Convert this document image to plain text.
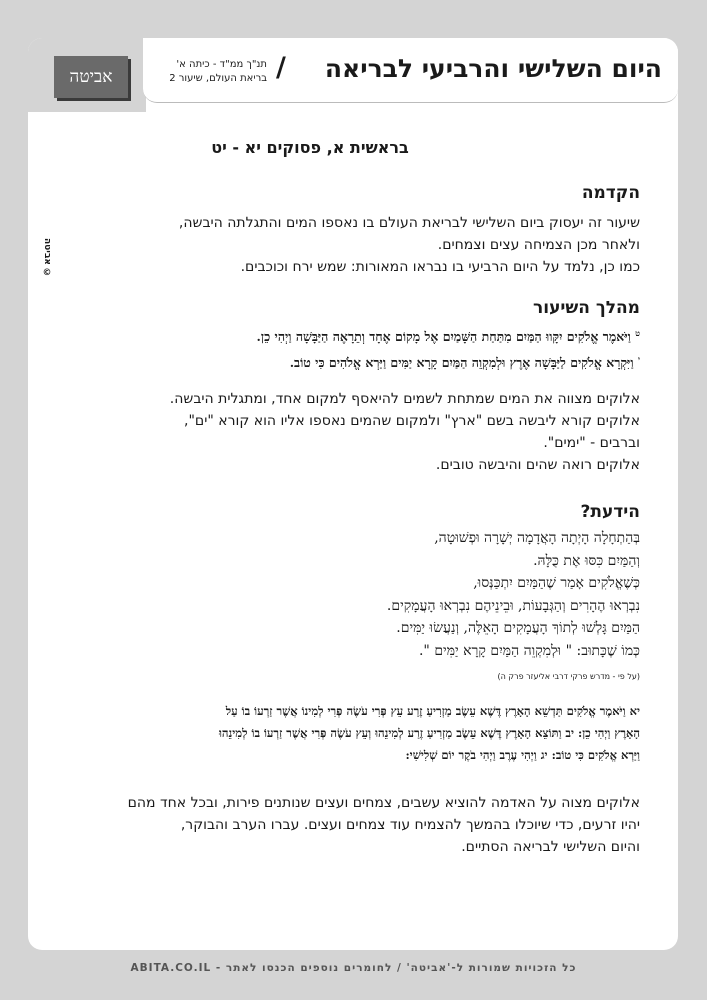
אביטה	היום השלישי והרביעי לבריאה
/
תנ"ך ממ"ד - כיתה א'
בריאת העולם, שיעור 2
אביטה ©
בראשית א, פסוקים יא - יט
הקדמה
שיעור זה יעסוק ביום השלישי לבריאת העולם בו נאספו המים והתגלתה היבשה,
ולאחר מכן הצמיחה עצים וצמחים.
כמו כן, נלמד על היום הרביעי בו נבראו המאורות: שמש ירח וכוכבים.
מהלך השיעור
$^ט$ וַיֹּאמֶר אֱלֹקִים יִקָּווּ הַמַּיִם מִתַּחַת הַשָּׁמַיִם אֶל מָקוֹם אֶחָד וְתֵרָאֶה הַיַּבָּשָׁה וַיְהִי כֵן.
$^י$ וַיִּקְרָא אֱלֹקִים לַיַּבָּשָׁה אֶרֶץ וּלְמִקְוֵה הַמַּיִם קָרָא יַמִּים וַיַּרְא אֱלֹהִים כִּי טוֹב.
אלוקים מצווה את המים שמתחת לשמים להיאסף למקום אחד, ומתגלית היבשה.
אלוקים קורא ליבשה בשם "ארץ" ולמקום שהמים נאספו אליו הוא קורא "ים",
וברבים - "ימים".
אלוקים רואה שהים והיבשה טובים.
הידעת?
בְּהַתְחָלָה הָיְתָה הָאֲדָמָה יְשָׁרָה וּפְשׁוּטָה,
וְהַמַּיִם כִּסּוּ אֶת כֻּלָּהּ.
כְּשֶׁאֱלֹקִים אָמַר שֶׁהַמַּיִם יִתְכַּנְּסוּ,
נִבְרְאוּ הֶהָרִים וְהַגְּבָעוֹת, וּבֵינֵיהֶם נִבְרְאוּ הָעֲמָקִים.
הַמַּיִם גָּלְשׁוּ לְתוֹךְ הָעֲמָקִים הָאֵלֶּה, וְנַעֲשׂוּ יַמִּים.
כְּמוֹ שֶׁכָּתוּב: " וּלְמִקְוֵה הַמַּיִם קָרָא יַמִּים ".
(על פי - מדרש פרקי דרבי אליעזר פרק ה)
יא וַיֹּאמֶר אֱלֹקִים תַּדְשֵׁא הָאָרֶץ דֶּשֶׁא עֵשֶׂב מַזְרִיעַ זֶרַע עֵץ פְּרִי עֹשֶׂה פְּרִי לְמִינוֹ אֲשֶׁר זַרְעוֹ בוֹ עַל
הָאָרֶץ וַיְהִי כֵן: יב וַתּוֹצֵא הָאָרֶץ דֶּשֶׁא עֵשֶׂב מַזְרִיעַ זֶרַע לְמִינֵהוּ וְעֵץ עֹשֶׂה פְּרִי אֲשֶׁר זַרְעוֹ בוֹ לְמִינֵהוּ
וַיַּרְא אֱלֹקִים כִּי טוֹב: יג וַיְהִי עֶרֶב וַיְהִי בֹקֶר יוֹם שְׁלִישִׁי:
אלוקים מצוה על האדמה להוציא עשבים, צמחים ועצים שנותנים פירות, ובכל אחד מהם
יהיו זרעים, כדי שיוכלו בהמשך להצמיח עוד צמחים ועצים. עברו הערב והבוקר,
והיום השלישי לבריאה הסתיים.
כל הזכויות שמורות ל-'אביטה' / לחומרים נוספים הכנסו לאתר - ABITA.CO.IL
